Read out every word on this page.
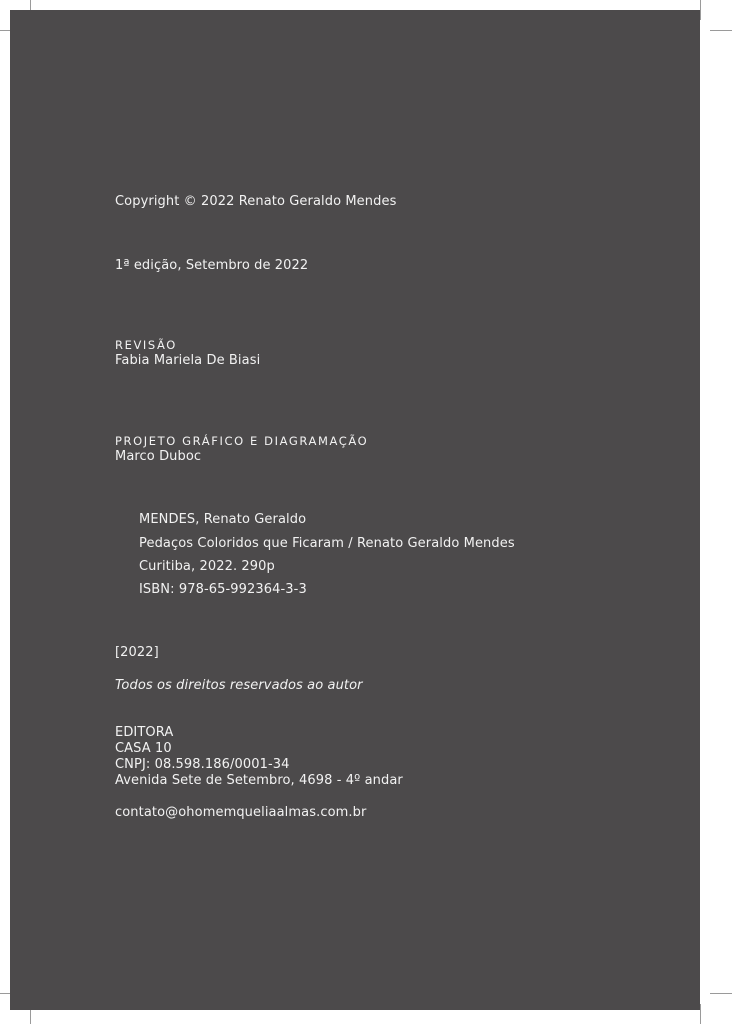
Copyright © 2022 Renato Geraldo Mendes
1ª edição, Setembro de 2022
REVISÃO
Fabia Mariela De Biasi
PROJETO GRÁFICO E DIAGRAMAÇÃO
Marco Duboc
MENDES, Renato Geraldo
Pedaços Coloridos que Ficaram / Renato Geraldo Mendes
Curitiba, 2022. 290p
ISBN: 978-65-992364-3-3
[2022]
Todos os direitos reservados ao autor
EDITORA
CASA 10
CNPJ: 08.598.186/0001-34
Avenida Sete de Setembro, 4698 - 4º andar
contato@ohomemqueliaalmas.com.br
